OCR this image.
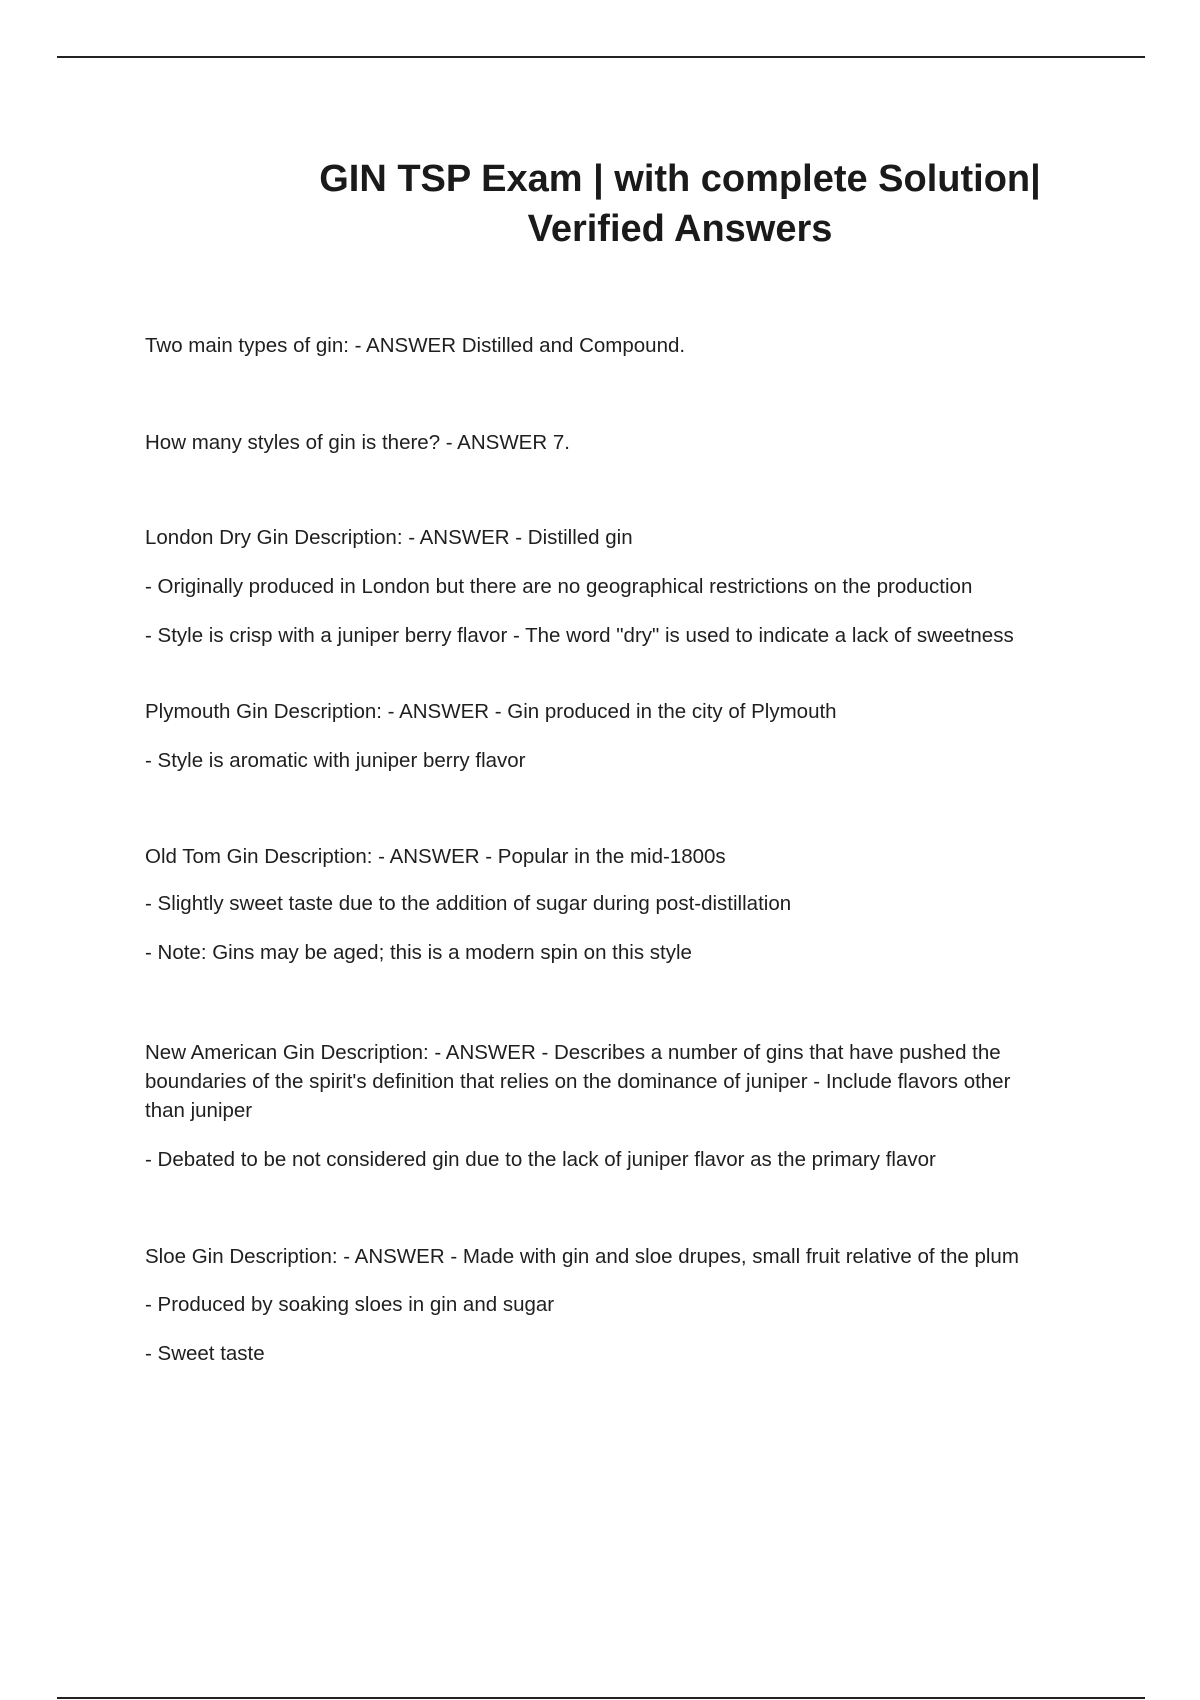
GIN TSP Exam | with complete Solution|
Verified Answers
Two main types of gin: - ANSWER Distilled and Compound.
How many styles of gin is there? - ANSWER 7.
London Dry Gin Description: - ANSWER - Distilled gin
- Originally produced in London but there are no geographical restrictions on the production
- Style is crisp with a juniper berry flavor - The word "dry" is used to indicate a lack of sweetness
Plymouth Gin Description: - ANSWER - Gin produced in the city of Plymouth
- Style is aromatic with juniper berry flavor
Old Tom Gin Description: - ANSWER - Popular in the mid-1800s
- Slightly sweet taste due to the addition of sugar during post-distillation
- Note: Gins may be aged; this is a modern spin on this style
New American Gin Description: - ANSWER - Describes a number of gins that have pushed the boundaries of the spirit's definition that relies on the dominance of juniper - Include flavors other than juniper
- Debated to be not considered gin due to the lack of juniper flavor as the primary flavor
Sloe Gin Description: - ANSWER - Made with gin and sloe drupes, small fruit relative of the plum
- Produced by soaking sloes in gin and sugar
- Sweet taste
